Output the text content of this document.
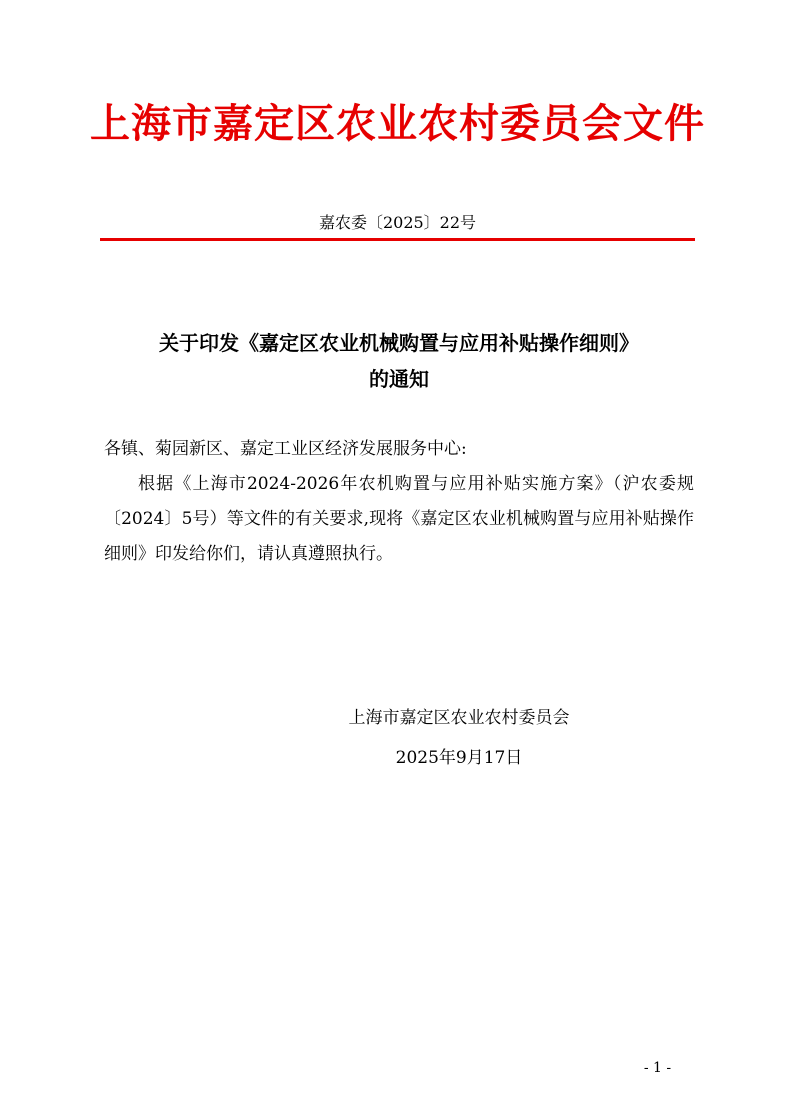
上海市嘉定区农业农村委员会文件
嘉农委〔2025〕22号
关于印发《嘉定区农业机械购置与应用补贴操作细则》
的通知
各镇、菊园新区、嘉定工业区经济发展服务中心:
根据《上海市2024-2026年农机购置与应用补贴实施方案》（沪农委规〔2024〕5号）等文件的有关要求,现将《嘉定区农业机械购置与应用补贴操作细则》印发给你们，请认真遵照执行。
上海市嘉定区农业农村委员会
2025年9月17日
- 1 -
